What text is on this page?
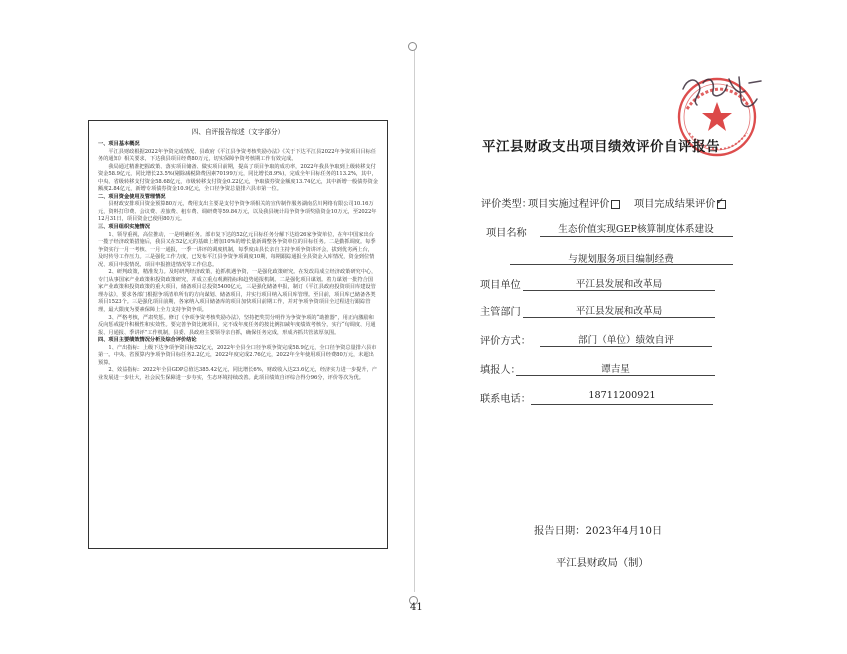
四、自评报告综述（文字部分）
一、项目基本概况

平江县财政根据2022年争资完成情况、县政府《平江县争资考核奖励办法》《关于下达平江县2022年争资项目目标任务的通知》相关要求，下达我县项目经费80万元，切实保障争资考核期工作有效完成。

我局通过精准把握政策、落实项目储备、做实项目前期，提高了项目争取的成功率，2022年我县争取到上级转移支付资金58.9亿元，同比增长23.5%(剔除减税降费因素70199万元，同比增长8.9%)，完成全年目标任务的113.2%，其中，中央、省级转移支付资金58.68亿元，市级转移支付资金0.22亿元，争取债券资金额度13.74亿元，其中新增一般债券资金额度2.84亿元，新增专项债券资金10.9亿元，全口径争资总量排六县市第一位。

二、项目资金使用及管理情况

县财政安排项目资金预算80万元，费用支出主要是支付争资争项相关的宣传制作服务湖南岳川网络有限公司10.16万元，资料打印费、会议费、差旅费、租车费、调研费等59.84万元，以及我县统计局争资争项奖励资金10万元，至2022年12月31日，项目资金已使用80万元。

三、项目组织实施情况

1、领导重视，高位推动，一是明确任务。部市复下达的52亿元目标任务分解下达给26家争资单位，在年中国家出台一揽子经济政策措施后，我县又在52亿元的基础上增加10%的增长量新调整各争资单位的目标任务。二是勤抓调度。每季争资实行一月一考核、一月一通报，一季一讲评的调度机制，每季度由县长亲自主持争项争资讲评会，拔到优劣两上台，及时传导工作压力。三是强化工作力度，已发布平江县争资争项调度10期，每期跟踪通报全县资金入库情况，资金到位情况、项目申报情况、项目申报推进情况等工作信息。

2、研判政策，精准发力。及时研判经济政策，抢抓机遇争资，一是强化政策研究。在发改局成立经济政策研究中心，专门从事国家产业政策和投资政策研究，并成立重点观测指标和趋势通报机制。二是强化项目谋划。着力谋划一批符合国家产业政策和投资政策的重大项目，储备项目总投资5400亿元，三是强化储备申报，制订《平江县政府投资项目库建设管理办法》，要求各部门根据争项清单所有的方向谋划、储备项目，并实行项目纳入项目库管理。至目前，项目库已储备各类项目1523个。三是强化项目前期，各家纳入项目储备库的项目加快项目前期工作，并对争项争资项目全过程进行跟踪管理，最大限度为要素保障上全力支持争资争项。

3、严格考核，严肃奖惩。修订《争项争资考核奖励办法》，坚持把奖罚分明作为争资争项的“助推器”，用正向激励和反向惩戒提升积极性和实效性。要完善争资比统项目，完不成年度任务的按比例扣减年度绩效考核分，实行“旬调度、月通报、月通报、季讲评”工作机制，县委、县政府主要领导亲自抓，确保任务完成，形成齐抓共管浓厚氛围。

四、项目主要绩效情况分析及综合评价结论

1、产出指标：上级下达争项争资目标52亿元，2022年全县全口径争项争资完成58.9亿元，全口径争资总量排六县市第一。中央、省预算内争项争资目标任务2.2亿元，2022年度完成2.76亿元，2022年全年使用项目经费80万元，未超出预算。

2、效益指标：2022年全县GDP总值达385.42亿元，同比增长6%，财政收入达23.6亿元，经济实力进一步提升，产业发展进一步壮大，社会民生保障进一步夯实，生态环境持续改善。此项目绩效自评综合得分96分，评价等次为优。

平江县财政支出项目绩效评价自评报告
评价类型：
项目实施过程评价	项目完成结果评价✓
项目名称	生态价值实现GEP核算制度体系建设
与规划服务项目编制经费
项目单位	平江县发展和改革局
主管部门	平江县发展和改革局
评价方式：	部门（单位）绩效自评
填报人：	谭吉星
联系电话：	18711200921
报告日期：2023年4月10日
平江县财政局（制）
41
